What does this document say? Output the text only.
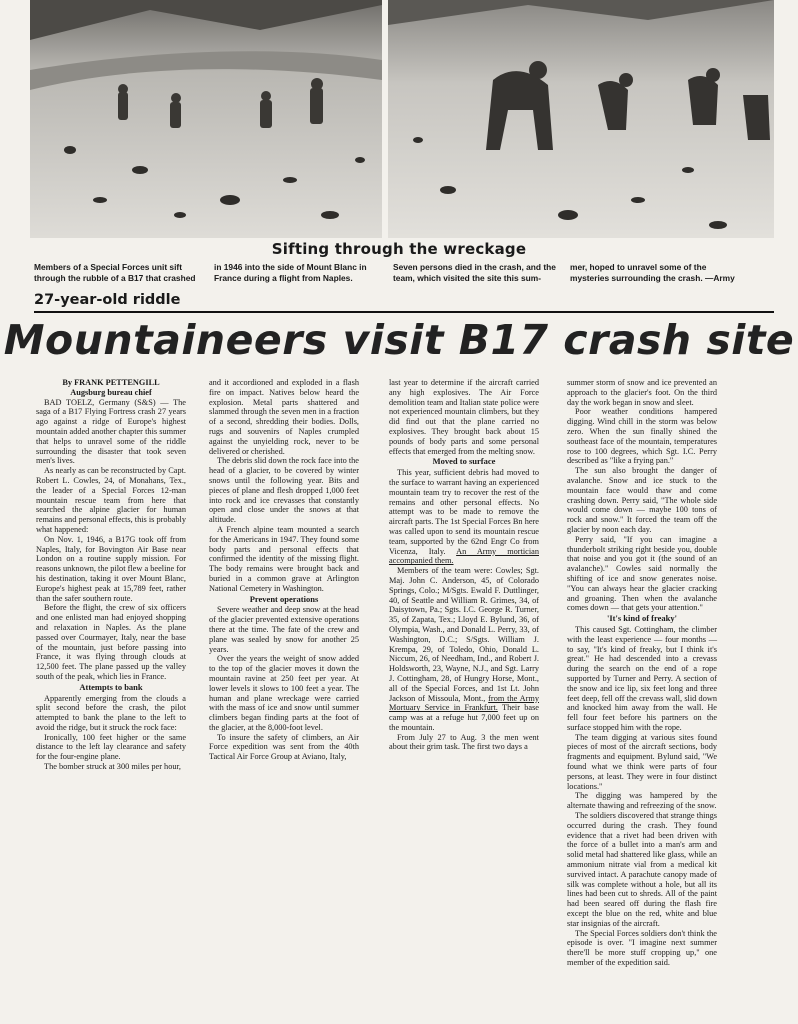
Sifting through the wreckage
Members of a Special Forces unit sift through the rubble of a B17 that crashed
in 1946 into the side of Mount Blanc in France during a flight from Naples.
Seven persons died in the crash, and the team, which visited the site this sum-
mer, hoped to unravel some of the mysteries surrounding the crash. —Army
27-year-old riddle
Mountaineers visit B17 crash site
By FRANK PETTENGILL
Augsburg bureau chief

BAD TOELZ, Germany (S&S) — The saga of a B17 Flying Fortress crash 27 years ago against a ridge of Europe's highest mountain added another chapter this summer that helps to unravel some of the riddle surrounding the disaster that took seven men's lives.

As nearly as can be reconstructed by Capt. Robert L. Cowles, 24, of Monahans, Tex., the leader of a Special Forces 12-man mountain rescue team from here that searched the alpine glacier for human remains and personal effects, this is probably what happened:

On Nov. 1, 1946, a B17G took off from Naples, Italy, for Bovington Air Base near London on a routine supply mission. For reasons unknown, the pilot flew a beeline for his destination, taking it over Mount Blanc, Europe's highest peak at 15,789 feet, rather than the safer southern route.

Before the flight, the crew of six officers and one enlisted man had enjoyed shopping and relaxation in Naples. As the plane passed over Courmayer, Italy, near the base of the mountain, just before passing into France, it was flying through clouds at 12,500 feet. The plane passed up the valley south of the peak, which lies in France.

Attempts to bank

Apparently emerging from the clouds a split second before the crash, the pilot attempted to bank the plane to the left to avoid the ridge, but it struck the rock face:

Ironically, 100 feet higher or the same distance to the left lay clearance and safety for the four-engine plane.

The bomber struck at 300 miles per hour,

and it accordioned and exploded in a flash fire on impact. Natives below heard the explosion. Metal parts shattered and slammed through the seven men in a fraction of a second, shredding their bodies. Dolls, rugs and souvenirs of Naples crumpled against the unyielding rock, never to be delivered or cherished.

The debris slid down the rock face into the head of a glacier, to be covered by winter snows until the following year. Bits and pieces of plane and flesh dropped 1,000 feet into rock and ice crevasses that constantly open and close under the snows at that altitude.

A French alpine team mounted a search for the Americans in 1947. They found some body parts and personal effects that confirmed the identity of the missing flight. The body remains were brought back and buried in a common grave at Arlington National Cemetery in Washington.

Prevent operations

Severe weather and deep snow at the head of the glacier prevented extensive operations there at the time. The fate of the crew and plane was sealed by snow for another 25 years.

Over the years the weight of snow added to the top of the glacier moves it down the mountain ravine at 250 feet per year. At lower levels it slows to 100 feet a year. The human and plane wreckage were carried with the mass of ice and snow until summer climbers began finding parts at the foot of the glacier, at the 8,000-foot level.

To insure the safety of climbers, an Air Force expedition was sent from the 40th Tactical Air Force Group at Aviano, Italy,

last year to determine if the aircraft carried any high explosives. The Air Force demolition team and Italian state police were not experienced mountain climbers, but they did find out that the plane carried no explosives. They brought back about 15 pounds of body parts and some personal effects that emerged from the melting snow.

Moved to surface

This year, sufficient debris had moved to the surface to warrant having an experienced mountain team try to recover the rest of the remains and other personal effects. No attempt was to be made to remove the aircraft parts. The 1st Special Forces Bn here was called upon to send its mountain rescue team, supported by the 62nd Engr Co from Vicenza, Italy. An Army mortician accompanied them.

Members of the team were: Cowles; Sgt. Maj. John C. Anderson, 45, of Colorado Springs, Colo.; M/Sgts. Ewald F. Duttlinger, 40, of Seattle and William R. Grimes, 34, of Daisytown, Pa.; Sgts. I.C. George R. Turner, 35, of Zapata, Tex.; Lloyd E. Bylund, 36, of Olympia, Wash., and Donald L. Perry, 33, of Washington, D.C.; S/Sgts. William J. Krempa, 29, of Toledo, Ohio, Donald L. Niccum, 26, of Needham, Ind., and Robert J. Holdsworth, 23, Wayne, N.J., and Sgt. Larry J. Cottingham, 28, of Hungry Horse, Mont., all of the Special Forces, and 1st Lt. John Jackson of Missoula, Mont., from the Army Mortuary Service in Frankfurt. Their base camp was at a refuge hut 7,000 feet up on the mountain.

From July 27 to Aug. 3 the men went about their grim task. The first two days a

summer storm of snow and ice prevented an approach to the glacier's foot. On the third day the work began in snow and sleet.

Poor weather conditions hampered digging. Wind chill in the storm was below zero. When the sun finally shined the southeast face of the mountain, temperatures rose to 100 degrees, which Sgt. I.C. Perry described as "like a frying pan."

The sun also brought the danger of avalanche. Snow and ice stuck to the mountain face would thaw and come crashing down. Perry said, "The whole side would come down — maybe 100 tons of rock and snow." It forced the team off the glacier by noon each day.

Perry said, "If you can imagine a thunderbolt striking right beside you, double that noise and you got it (the sound of an avalanche)." Cowles said normally the shifting of ice and snow generates noise. "You can always hear the glacier cracking and groaning. Then when the avalanche comes down — that gets your attention."

'It's kind of freaky'

This caused Sgt. Cottingham, the climber with the least experience — four months — to say, "It's kind of freaky, but I think it's great." He had descended into a crevass during the search on the end of a rope supported by Turner and Perry. A section of the snow and ice lip, six feet long and three feet deep, fell off the crevass wall, slid down and knocked him away from the wall. He fell four feet before his partners on the surface stopped him with the rope.

The team digging at various sites found pieces of most of the aircraft sections, body fragments and equipment. Bylund said, "We found what we think were parts of four persons, at least. They were in four distinct locations."

The digging was hampered by the alternate thawing and refreezing of the snow.

The soldiers discovered that strange things occurred during the crash. They found evidence that a rivet had been driven with the force of a bullet into a man's arm and solid metal had shattered like glass, while an ammonium nitrate vial from a medical kit survived intact. A parachute canopy made of silk was complete without a hole, but all its lines had been cut to shreds. All of the paint had been seared off during the flash fire except the blue on the red, white and blue star insignias of the aircraft.

The Special Forces soldiers don't think the episode is over. "I imagine next summer there'll be more stuff cropping up," one member of the expedition said.
